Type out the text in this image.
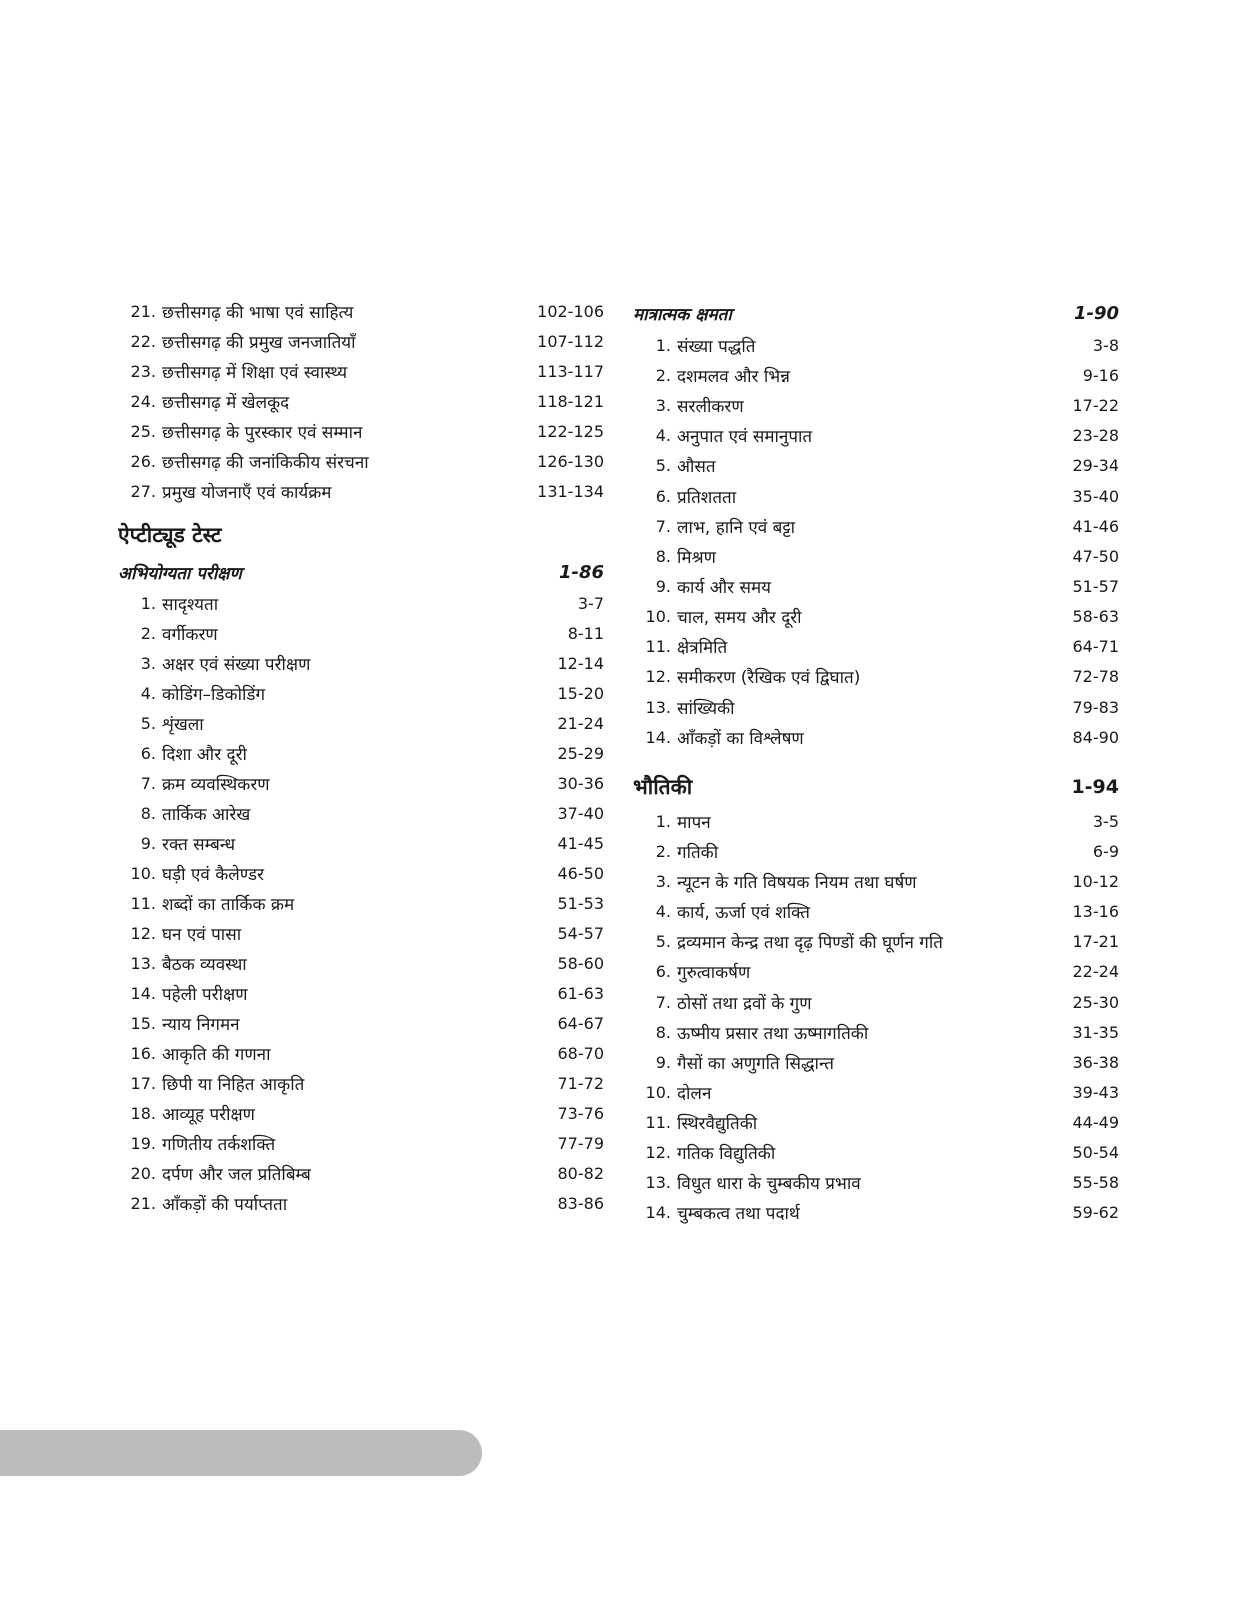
21. छत्तीसगढ़ की भाषा एवं साहित्य	102-106
22. छत्तीसगढ़ की प्रमुख जनजातियाँ	107-112
23. छत्तीसगढ़ में शिक्षा एवं स्वास्थ्य	113-117
24. छत्तीसगढ़ में खेलकूद	118-121
25. छत्तीसगढ़ के पुरस्कार एवं सम्मान	122-125
26. छत्तीसगढ़ की जनांकिकीय संरचना	126-130
27. प्रमुख योजनाएँ एवं कार्यक्रम	131-134
ऐप्टीट्यूड टेस्ट
अभियोग्यता परीक्षण	1-86
1. सादृश्यता	3-7
2. वर्गीकरण	8-11
3. अक्षर एवं संख्या परीक्षण	12-14
4. कोडिंग–डिकोडिंग	15-20
5. शृंखला	21-24
6. दिशा और दूरी	25-29
7. क्रम व्यवस्थिकरण	30-36
8. तार्किक आरेख	37-40
9. रक्त सम्बन्ध	41-45
10. घड़ी एवं कैलेण्डर	46-50
11. शब्दों का तार्किक क्रम	51-53
12. घन एवं पासा	54-57
13. बैठक व्यवस्था	58-60
14. पहेली परीक्षण	61-63
15. न्याय निगमन	64-67
16. आकृति की गणना	68-70
17. छिपी या निहित आकृति	71-72
18. आव्यूह परीक्षण	73-76
19. गणितीय तर्कशक्ति	77-79
20. दर्पण और जल प्रतिबिम्ब	80-82
21. आँकड़ों की पर्याप्तता	83-86
मात्रात्मक क्षमता	1-90
1. संख्या पद्धति	3-8
2. दशमलव और भिन्न	9-16
3. सरलीकरण	17-22
4. अनुपात एवं समानुपात	23-28
5. औसत	29-34
6. प्रतिशतता	35-40
7. लाभ, हानि एवं बट्टा	41-46
8. मिश्रण	47-50
9. कार्य और समय	51-57
10. चाल, समय और दूरी	58-63
11. क्षेत्रमिति	64-71
12. समीकरण (रैखिक एवं द्विघात)	72-78
13. सांख्यिकी	79-83
14. आँकड़ों का विश्लेषण	84-90
भौतिकी	1-94
1. मापन	3-5
2. गतिकी	6-9
3. न्यूटन के गति विषयक नियम तथा घर्षण	10-12
4. कार्य, ऊर्जा एवं शक्ति	13-16
5. द्रव्यमान केन्द्र तथा दृढ़ पिण्डों की घूर्णन गति	17-21
6. गुरुत्वाकर्षण	22-24
7. ठोसों तथा द्रवों के गुण	25-30
8. ऊष्मीय प्रसार तथा ऊष्मागतिकी	31-35
9. गैसों का अणुगति सिद्धान्त	36-38
10. दोलन	39-43
11. स्थिरवैद्युतिकी	44-49
12. गतिक विद्युतिकी	50-54
13. विधुत धारा के चुम्बकीय प्रभाव	55-58
14. चुम्बकत्व तथा पदार्थ	59-62
